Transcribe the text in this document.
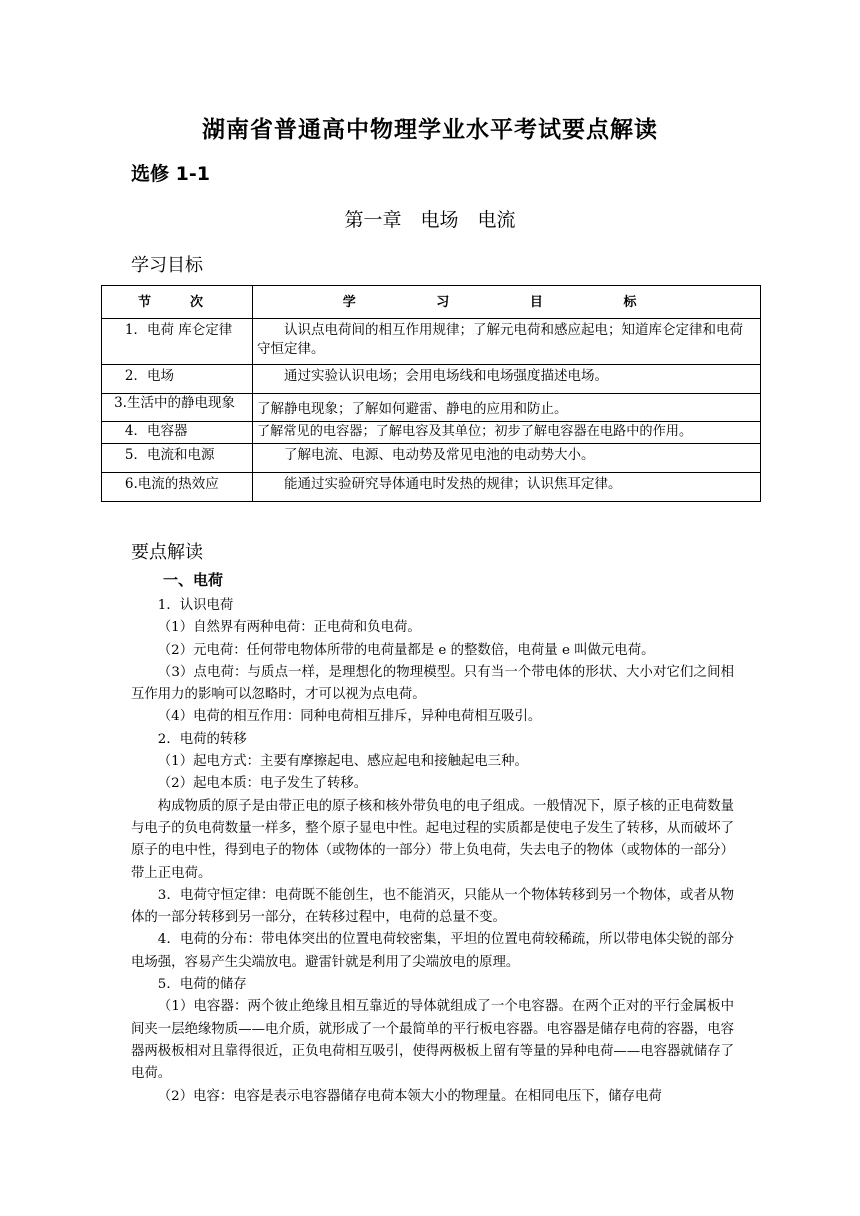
湖南省普通高中物理学业水平考试要点解读
选修 1-1
第一章　电场　电流
学习目标
节　次	学　习　目　标
1．电荷 库仑定律	认识点电荷间的相互作用规律；了解元电荷和感应起电；知道库仑定律和电荷守恒定律。
2．电场	通过实验认识电场；会用电场线和电场强度描述电场。

3.生活中的静电现象	了解静电现象；了解如何避雷、静电的应用和防止。
4．电容器	了解常见的电容器；了解电容及其单位；初步了解电容器在电路中的作用。
5．电流和电源	了解电流、电源、电动势及常见电池的电动势大小。
6.电流的热效应	能通过实验研究导体通电时发热的规律；认识焦耳定律。
要点解读
一、电荷

1．认识电荷

（1）自然界有两种电荷：正电荷和负电荷。

（2）元电荷：任何带电物体所带的电荷量都是 e 的整数倍，电荷量 e 叫做元电荷。

（3）点电荷：与质点一样，是理想化的物理模型。只有当一个带电体的形状、大小对它们之间相互作用力的影响可以忽略时，才可以视为点电荷。

（4）电荷的相互作用：同种电荷相互排斥，异种电荷相互吸引。

2．电荷的转移

（1）起电方式：主要有摩擦起电、感应起电和接触起电三种。

（2）起电本质：电子发生了转移。

构成物质的原子是由带正电的原子核和核外带负电的电子组成。一般情况下，原子核的正电荷数量与电子的负电荷数量一样多，整个原子显电中性。起电过程的实质都是使电子发生了转移，从而破坏了原子的电中性，得到电子的物体（或物体的一部分）带上负电荷，失去电子的物体（或物体的一部分）带上正电荷。

3．电荷守恒定律：电荷既不能创生，也不能消灭，只能从一个物体转移到另一个物体，或者从物体的一部分转移到另一部分，在转移过程中，电荷的总量不变。

4．电荷的分布：带电体突出的位置电荷较密集，平坦的位置电荷较稀疏，所以带电体尖锐的部分电场强，容易产生尖端放电。避雷针就是利用了尖端放电的原理。

5．电荷的储存

（1）电容器：两个彼止绝缘且相互靠近的导体就组成了一个电容器。在两个正对的平行金属板中间夹一层绝缘物质——电介质，就形成了一个最简单的平行板电容器。电容器是储存电荷的容器，电容器两极板相对且靠得很近，正负电荷相互吸引，使得两极板上留有等量的异种电荷——电容器就储存了电荷。

（2）电容：电容是表示电容器储存电荷本领大小的物理量。在相同电压下，储存电荷
